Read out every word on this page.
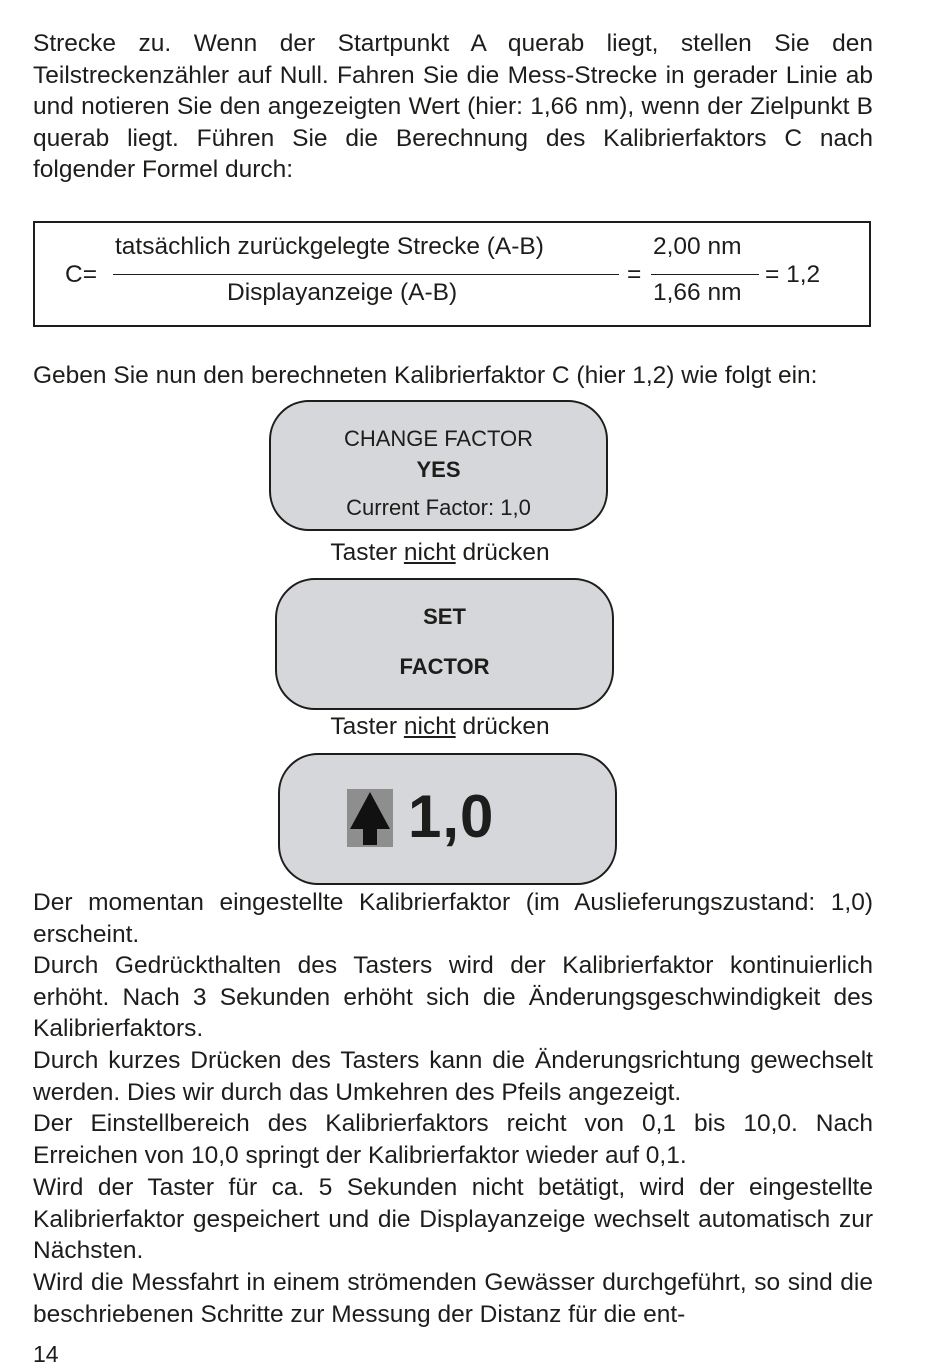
Strecke zu. Wenn der Startpunkt A querab liegt, stellen Sie den Teilstreckenzähler auf Null. Fahren Sie die Mess-Strecke in gerader Linie ab und notieren Sie den angezeigten Wert (hier: 1,66 nm), wenn der Zielpunkt B querab liegt. Führen Sie die Berechnung des Kalibrierfaktors C nach folgender Formel durch:

C=
tatsächlich zurückgelegte Strecke (A-B)
Displayanzeige (A-B)
=
2,00 nm
1,66 nm
= 1,2

Geben Sie nun den berechneten Kalibrierfaktor C (hier 1,2) wie folgt ein:

CHANGE FACTOR
YES
Current Factor: 1,0
Taster nicht drücken
SET
FACTOR
Taster nicht drücken
1,0

Der momentan eingestellte Kalibrierfaktor (im Auslieferungszustand: 1,0) erscheint.

Durch Gedrückthalten des Tasters wird der Kalibrierfaktor kontinuierlich erhöht. Nach 3 Sekunden erhöht sich die Änderungsgeschwindigkeit des Kalibrierfaktors.

Durch kurzes Drücken des Tasters kann die Änderungsrichtung gewechselt werden. Dies wir durch das Umkehren des Pfeils angezeigt.

Der Einstellbereich des Kalibrierfaktors reicht von 0,1 bis 10,0. Nach Erreichen von 10,0 springt der Kalibrierfaktor wieder auf 0,1.

Wird der Taster für ca. 5 Sekunden nicht betätigt, wird der eingestellte Kalibrierfaktor gespeichert und die Displayanzeige wechselt automatisch zur Nächsten.

Wird die Messfahrt in einem strömenden Gewässer durchgeführt, so sind die beschriebenen Schritte zur Messung der Distanz für die ent-

14
